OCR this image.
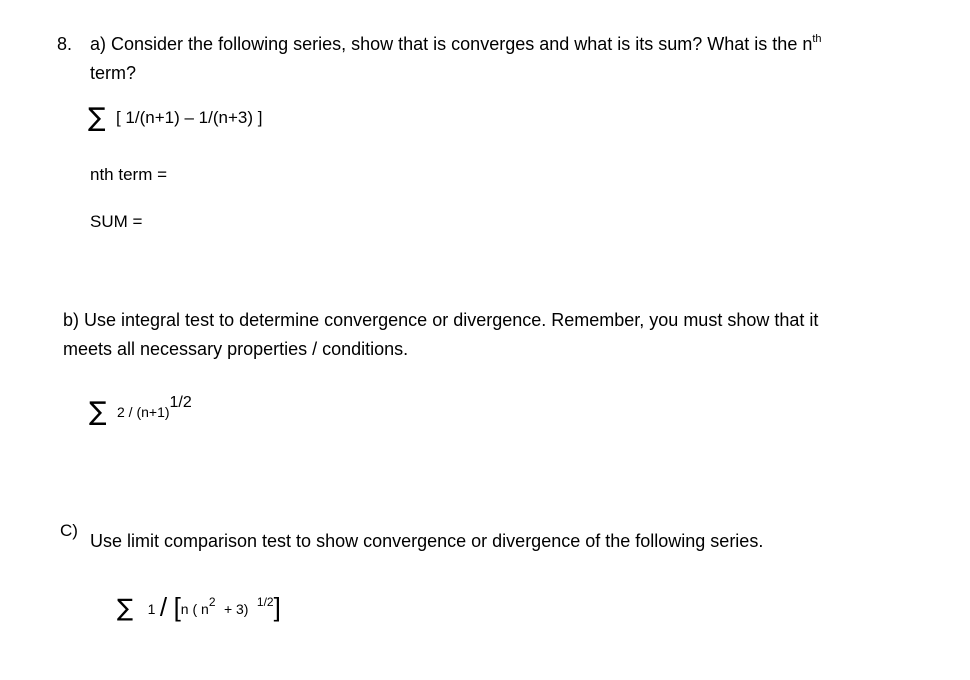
8. a) Consider the following series, show that is converges and what is its sum? What is the $n^{th}$
term?
∑ [ 1/(n+1) – 1/(n+3) ]
nth term =
SUM =
b) Use integral test to determine convergence or divergence. Remember, you must show that it
meets all necessary properties / conditions.
∑ 2 / (n+1)1/2
C)
Use limit comparison test to show convergence or divergence of the following series.
∑ 1 / [n ( $n^2 + 3$) $^{1/2}$]
